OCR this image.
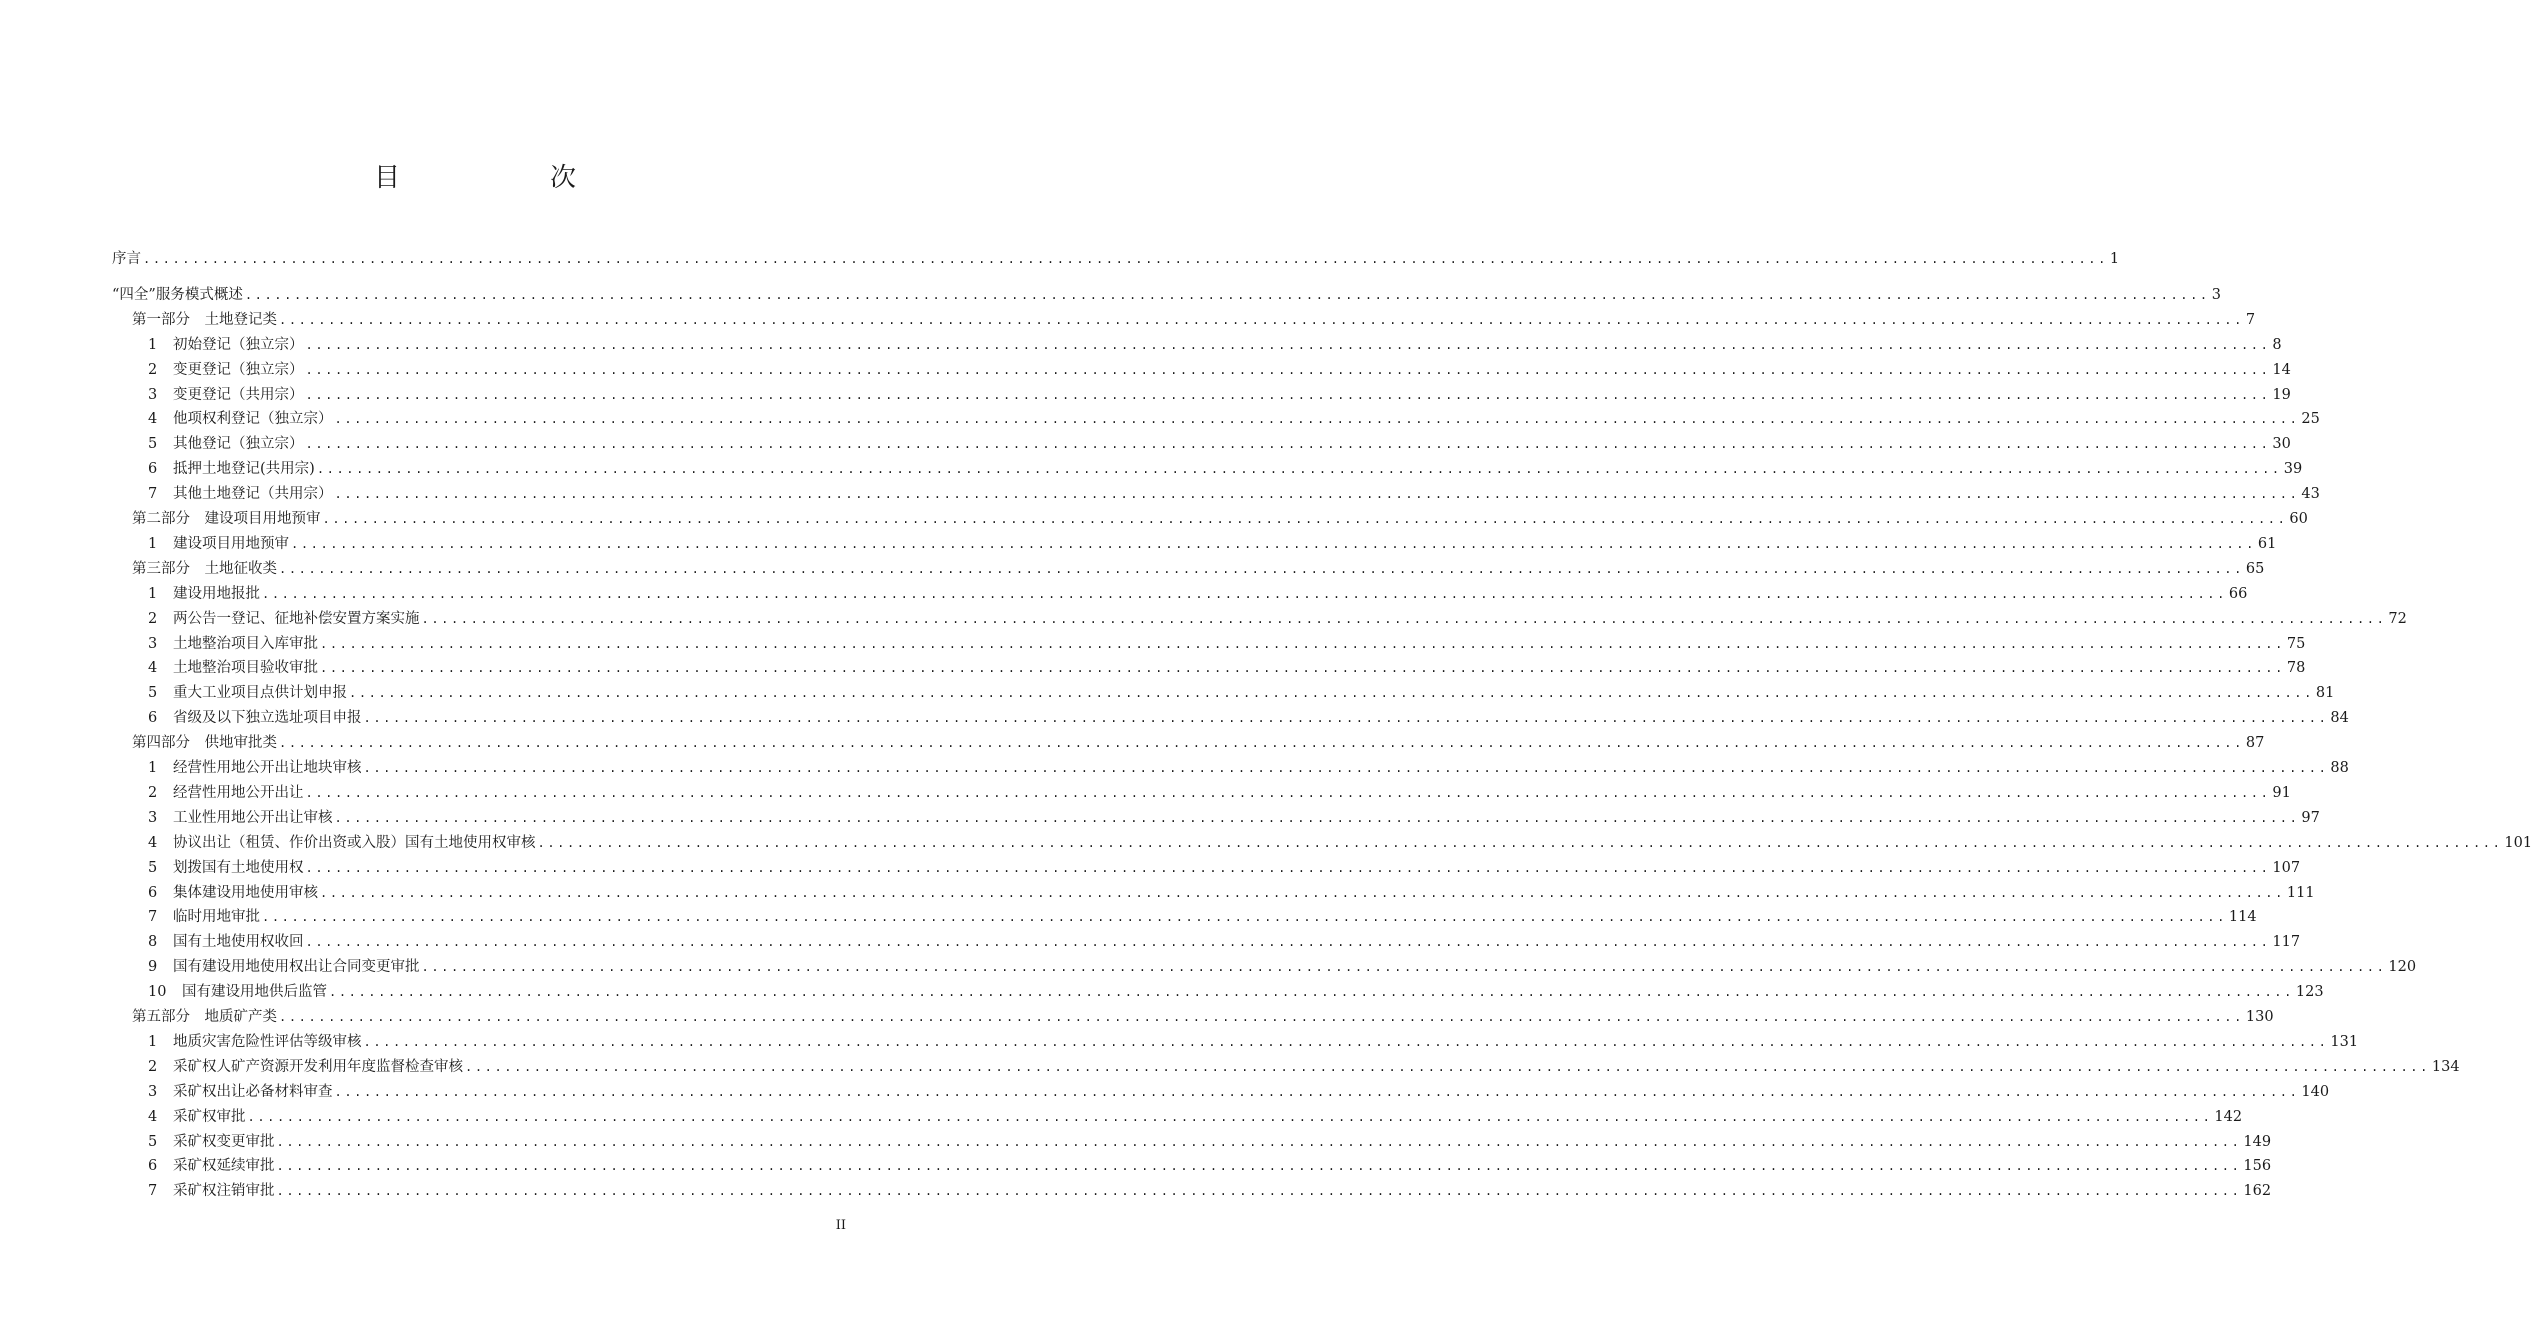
目　次
序言 ........................................................................................................................................................................................................ 1
“四全”服务模式概述 ........................................................................................................................................................................................................ 3
第一部分　土地登记类 ........................................................................................................................................................................................................ 7
1	初始登记（独立宗） ........................................................................................................................................................................................................ 8
2	变更登记（独立宗） ........................................................................................................................................................................................................ 14
3	变更登记（共用宗） ........................................................................................................................................................................................................ 19
4	他项权利登记（独立宗） ........................................................................................................................................................................................................ 25
5	其他登记（独立宗） ........................................................................................................................................................................................................ 30
6	抵押土地登记(共用宗) ........................................................................................................................................................................................................ 39
7	其他土地登记（共用宗） ........................................................................................................................................................................................................ 43
第二部分　建设项目用地预审 ........................................................................................................................................................................................................ 60
1	建设项目用地预审 ........................................................................................................................................................................................................ 61
第三部分　土地征收类 ........................................................................................................................................................................................................ 65
1	建设用地报批 ........................................................................................................................................................................................................ 66
2	两公告一登记、征地补偿安置方案实施 ........................................................................................................................................................................................................ 72
3	土地整治项目入库审批 ........................................................................................................................................................................................................ 75
4	土地整治项目验收审批 ........................................................................................................................................................................................................ 78
5	重大工业项目点供计划申报 ........................................................................................................................................................................................................ 81
6	省级及以下独立选址项目申报 ........................................................................................................................................................................................................ 84
第四部分　供地审批类 ........................................................................................................................................................................................................ 87
1	经营性用地公开出让地块审核 ........................................................................................................................................................................................................ 88
2	经营性用地公开出让 ........................................................................................................................................................................................................ 91
3	工业性用地公开出让审核 ........................................................................................................................................................................................................ 97
4	协议出让（租赁、作价出资或入股）国有土地使用权审核 ........................................................................................................................................................................................................ 101
5	划拨国有土地使用权 ........................................................................................................................................................................................................ 107
6	集体建设用地使用审核 ........................................................................................................................................................................................................ 111
7	临时用地审批 ........................................................................................................................................................................................................ 114
8	国有土地使用权收回 ........................................................................................................................................................................................................ 117
9	国有建设用地使用权出让合同变更审批 ........................................................................................................................................................................................................ 120
10	国有建设用地供后监管 ........................................................................................................................................................................................................ 123
第五部分　地质矿产类 ........................................................................................................................................................................................................ 130
1	地质灾害危险性评估等级审核 ........................................................................................................................................................................................................ 131
2	采矿权人矿产资源开发利用年度监督检查审核 ........................................................................................................................................................................................................ 134
3	采矿权出让必备材料审查 ........................................................................................................................................................................................................ 140
4	采矿权审批 ........................................................................................................................................................................................................ 142
5	采矿权变更审批 ........................................................................................................................................................................................................ 149
6	采矿权延续审批 ........................................................................................................................................................................................................ 156
7	采矿权注销审批 ........................................................................................................................................................................................................ 162
II
